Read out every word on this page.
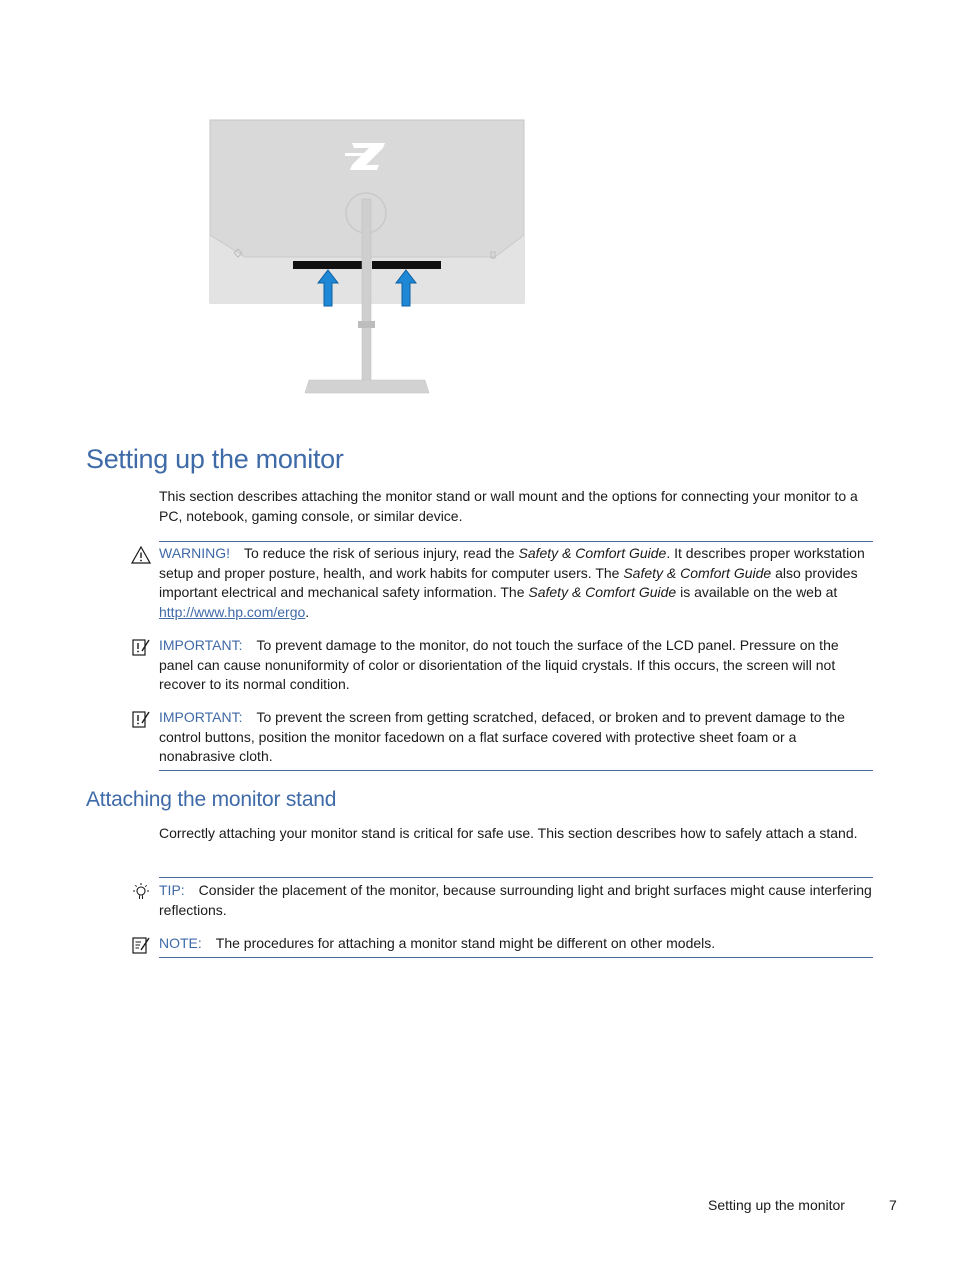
Setting up the monitor

This section describes attaching the monitor stand or wall mount and the options for connecting your monitor to a PC, notebook, gaming console, or similar device.

WARNING! To reduce the risk of serious injury, read the Safety & Comfort Guide. It describes proper workstation setup and proper posture, health, and work habits for computer users. The Safety & Comfort Guide also provides important electrical and mechanical safety information. The Safety & Comfort Guide is available on the web at http://www.hp.com/ergo.

IMPORTANT: To prevent damage to the monitor, do not touch the surface of the LCD panel. Pressure on the panel can cause nonuniformity of color or disorientation of the liquid crystals. If this occurs, the screen will not recover to its normal condition.

IMPORTANT: To prevent the screen from getting scratched, defaced, or broken and to prevent damage to the control buttons, position the monitor facedown on a flat surface covered with protective sheet foam or a nonabrasive cloth.

Attaching the monitor stand

Correctly attaching your monitor stand is critical for safe use. This section describes how to safely attach a stand.

TIP: Consider the placement of the monitor, because surrounding light and bright surfaces might cause interfering reflections.

NOTE: The procedures for attaching a monitor stand might be different on other models.

Setting up the monitor	7
